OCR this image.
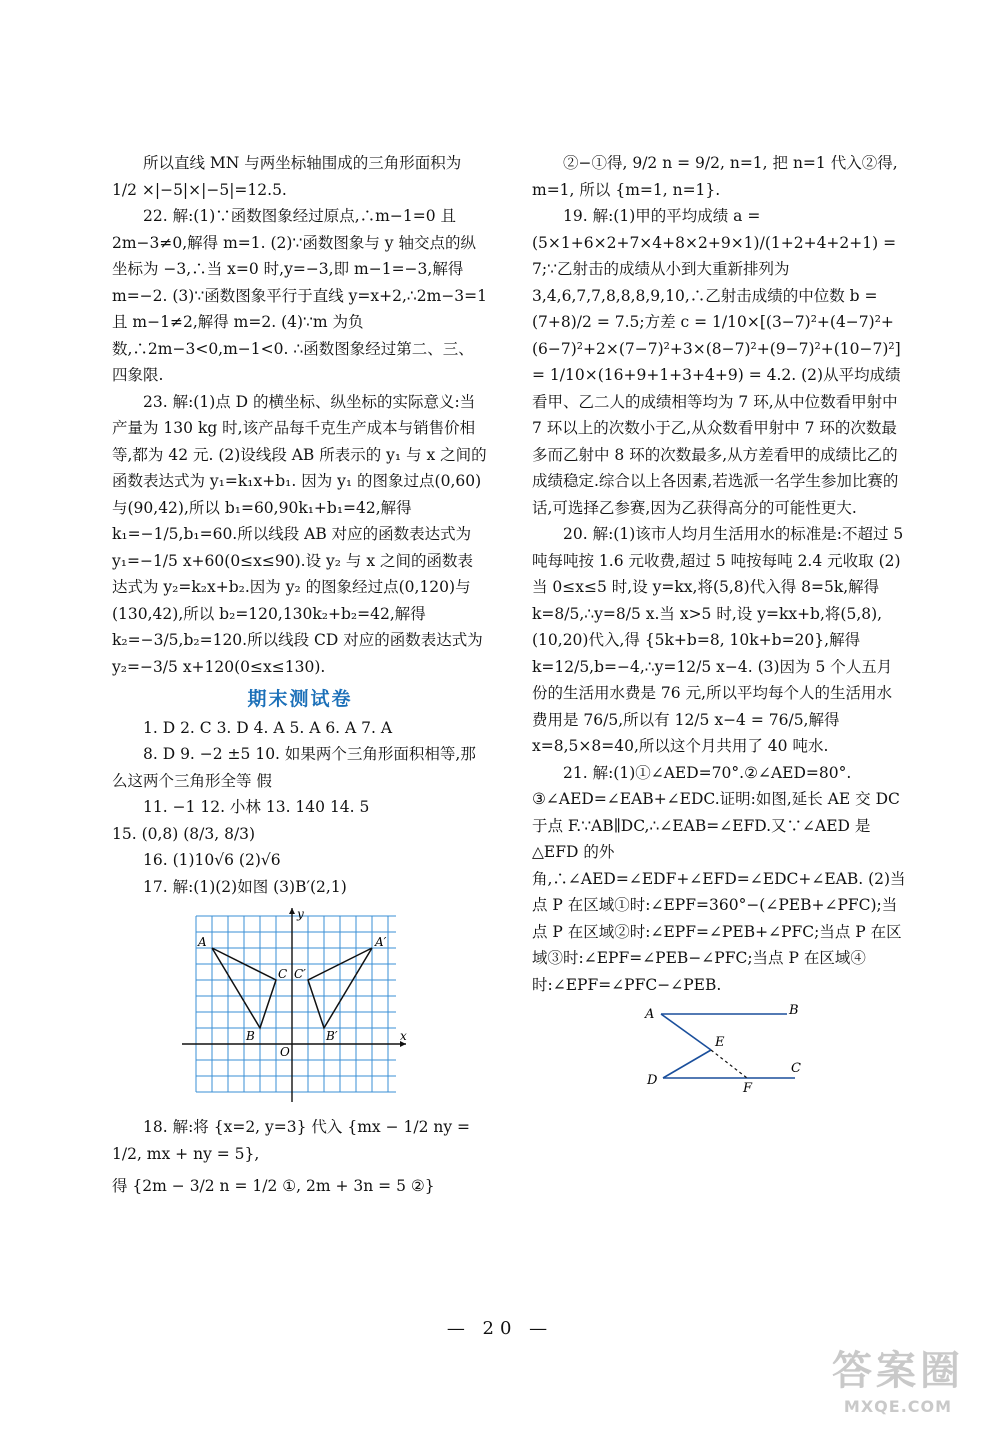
所以直线 MN 与两坐标轴围成的三角形面积为 1/2 ×|−5|×|−5|=12.5.

22. 解:(1)∵函数图象经过原点,∴m−1=0 且 2m−3≠0,解得 m=1. (2)∵函数图象与 y 轴交点的纵坐标为 −3,∴当 x=0 时,y=−3,即 m−1=−3,解得 m=−2. (3)∵函数图象平行于直线 y=x+2,∴2m−3=1 且 m−1≠2,解得 m=2. (4)∵m 为负数,∴2m−3<0,m−1<0. ∴函数图象经过第二、三、四象限.

23. 解:(1)点 D 的横坐标、纵坐标的实际意义:当产量为 130 kg 时,该产品每千克生产成本与销售价相等,都为 42 元. (2)设线段 AB 所表示的 y₁ 与 x 之间的函数表达式为 y₁=k₁x+b₁. 因为 y₁ 的图象过点(0,60)与(90,42),所以 b₁=60,90k₁+b₁=42,解得 k₁=−1/5,b₁=60.所以线段 AB 对应的函数表达式为 y₁=−1/5 x+60(0≤x≤90).设 y₂ 与 x 之间的函数表达式为 y₂=k₂x+b₂.因为 y₂ 的图象经过点(0,120)与(130,42),所以 b₂=120,130k₂+b₂=42,解得 k₂=−3/5,b₂=120.所以线段 CD 对应的函数表达式为 y₂=−3/5 x+120(0≤x≤130).

期末测试卷

1. D 2. C 3. D 4. A 5. A 6. A 7. A

8. D 9. −2 ±5 10. 如果两个三角形面积相等,那么这两个三角形全等 假

11. −1 12. 小林 13. 140 14. 5

15. (0,8) (8/3, 8/3)

16. (1)10√6 (2)√6

17. 解:(1)(2)如图 (3)B′(2,1)

x
y
O
A
B
C C′
B′
A′

18. 解:将 {x=2, y=3} 代入 {mx − 1/2 ny = 1/2, mx + ny = 5},

得 {2m − 3/2 n = 1/2 ①, 2m + 3n = 5 ②}

②−①得, 9/2 n = 9/2, n=1, 把 n=1 代入②得, m=1, 所以 {m=1, n=1}.

19. 解:(1)甲的平均成绩 a = (5×1+6×2+7×4+8×2+9×1)/(1+2+4+2+1) = 7;∵乙射击的成绩从小到大重新排列为 3,4,6,7,7,8,8,8,9,10,∴乙射击成绩的中位数 b = (7+8)/2 = 7.5;方差 c = 1/10×[(3−7)²+(4−7)²+(6−7)²+2×(7−7)²+3×(8−7)²+(9−7)²+(10−7)²] = 1/10×(16+9+1+3+4+9) = 4.2. (2)从平均成绩看甲、乙二人的成绩相等均为 7 环,从中位数看甲射中 7 环以上的次数小于乙,从众数看甲射中 7 环的次数最多而乙射中 8 环的次数最多,从方差看甲的成绩比乙的成绩稳定.综合以上各因素,若选派一名学生参加比赛的话,可选择乙参赛,因为乙获得高分的可能性更大.

20. 解:(1)该市人均月生活用水的标准是:不超过 5 吨每吨按 1.6 元收费,超过 5 吨按每吨 2.4 元收取 (2)当 0≤x≤5 时,设 y=kx,将(5,8)代入得 8=5k,解得 k=8/5,∴y=8/5 x.当 x>5 时,设 y=kx+b,将(5,8),(10,20)代入,得 {5k+b=8, 10k+b=20},解得 k=12/5,b=−4,∴y=12/5 x−4. (3)因为 5 个人五月份的生活用水费是 76 元,所以平均每个人的生活用水费用是 76/5,所以有 12/5 x−4 = 76/5,解得 x=8,5×8=40,所以这个月共用了 40 吨水.

21. 解:(1)①∠AED=70°.②∠AED=80°. ③∠AED=∠EAB+∠EDC.证明:如图,延长 AE 交 DC 于点 F.∵AB∥DC,∴∠EAB=∠EFD.又∵∠AED 是△EFD 的外角,∴∠AED=∠EDF+∠EFD=∠EDC+∠EAB. (2)当点 P 在区域①时:∠EPF=360°−(∠PEB+∠PFC);当点 P 在区域②时:∠EPF=∠PEB+∠PFC;当点 P 在区域③时:∠EPF=∠PEB−∠PFC;当点 P 在区域④时:∠EPF=∠PFC−∠PEB.

A	B
E
C
D
F
— 20 —
答案圈
MXQE.COM
